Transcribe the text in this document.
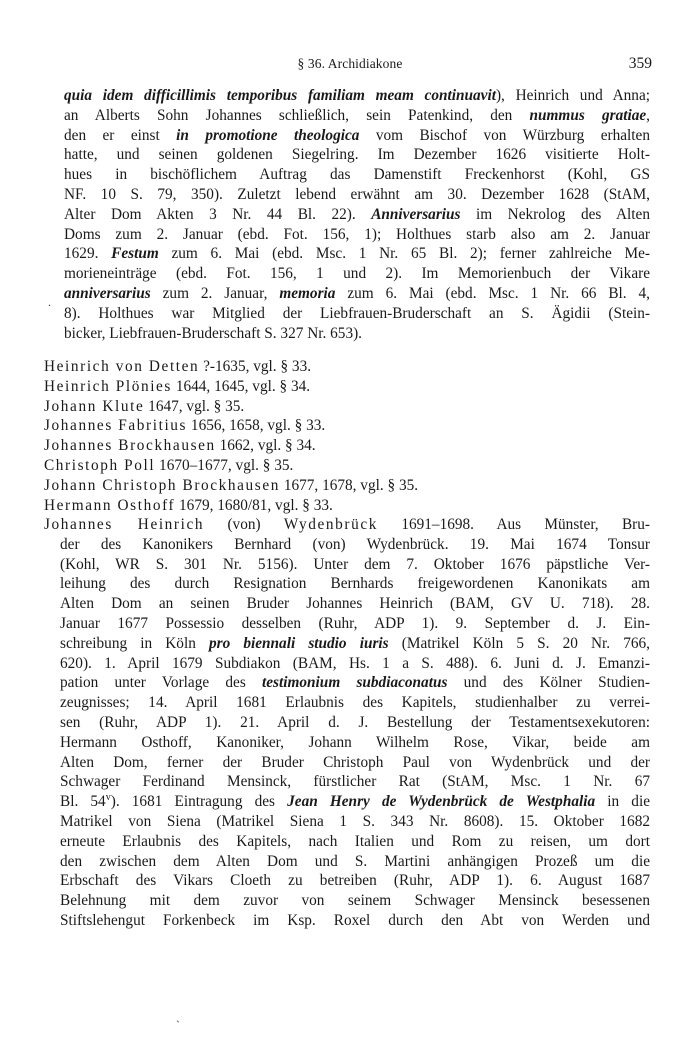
§ 36. Archidiakone	359
.
ˋ
quia idem difficillimis temporibus familiam meam continuavit), Heinrich und Anna;
an Alberts Sohn Johannes schließlich, sein Patenkind, den nummus gratiae,
den er einst in promotione theologica vom Bischof von Würzburg erhalten
hatte, und seinen goldenen Siegelring. Im Dezember 1626 visitierte Holt-
hues in bischöflichem Auftrag das Damenstift Freckenhorst (Kohl, GS
NF. 10 S. 79, 350). Zuletzt lebend erwähnt am 30. Dezember 1628 (StAM,
Alter Dom Akten 3 Nr. 44 Bl. 22). Anniversarius im Nekrolog des Alten
Doms zum 2. Januar (ebd. Fot. 156, 1); Holthues starb also am 2. Januar
1629. Festum zum 6. Mai (ebd. Msc. 1 Nr. 65 Bl. 2); ferner zahlreiche Me-
morieneinträge (ebd. Fot. 156, 1 und 2). Im Memorienbuch der Vikare
anniversarius zum 2. Januar, memoria zum 6. Mai (ebd. Msc. 1 Nr. 66 Bl. 4,
8). Holthues war Mitglied der Liebfrauen-Bruderschaft an S. Ägidii (Stein-
bicker, Liebfrauen-Bruderschaft S. 327 Nr. 653).
Heinrich von Detten ?-1635, vgl. § 33.
Heinrich Plönies 1644, 1645, vgl. § 34.
Johann Klute 1647, vgl. § 35.
Johannes Fabritius 1656, 1658, vgl. § 33.
Johannes Brockhausen 1662, vgl. § 34.
Christoph Poll 1670–1677, vgl. § 35.
Johann Christoph Brockhausen 1677, 1678, vgl. § 35.
Hermann Osthoff 1679, 1680/81, vgl. § 33.
Johannes Heinrich (von) Wydenbrück 1691–1698. Aus Münster, Bru-
der des Kanonikers Bernhard (von) Wydenbrück. 19. Mai 1674 Tonsur
(Kohl, WR S. 301 Nr. 5156). Unter dem 7. Oktober 1676 päpstliche Ver-
leihung des durch Resignation Bernhards freigewordenen Kanonikats am
Alten Dom an seinen Bruder Johannes Heinrich (BAM, GV U. 718). 28.
Januar 1677 Possessio desselben (Ruhr, ADP 1). 9. September d. J. Ein-
schreibung in Köln pro biennali studio iuris (Matrikel Köln 5 S. 20 Nr. 766,
620). 1. April 1679 Subdiakon (BAM, Hs. 1 a S. 488). 6. Juni d. J. Emanzi-
pation unter Vorlage des testimonium subdiaconatus und des Kölner Studien-
zeugnisses; 14. April 1681 Erlaubnis des Kapitels, studienhalber zu verrei-
sen (Ruhr, ADP 1). 21. April d. J. Bestellung der Testamentsexekutoren:
Hermann Osthoff, Kanoniker, Johann Wilhelm Rose, Vikar, beide am
Alten Dom, ferner der Bruder Christoph Paul von Wydenbrück und der
Schwager Ferdinand Mensinck, fürstlicher Rat (StAM, Msc. 1 Nr. 67
Bl. 54$^v$). 1681 Eintragung des Jean Henry de Wydenbrück de Westphalia in die
Matrikel von Siena (Matrikel Siena 1 S. 343 Nr. 8608). 15. Oktober 1682
erneute Erlaubnis des Kapitels, nach Italien und Rom zu reisen, um dort
den zwischen dem Alten Dom und S. Martini anhängigen Prozeß um die
Erbschaft des Vikars Cloeth zu betreiben (Ruhr, ADP 1). 6. August 1687
Belehnung mit dem zuvor von seinem Schwager Mensinck besessenen
Stiftslehengut Forkenbeck im Ksp. Roxel durch den Abt von Werden und
